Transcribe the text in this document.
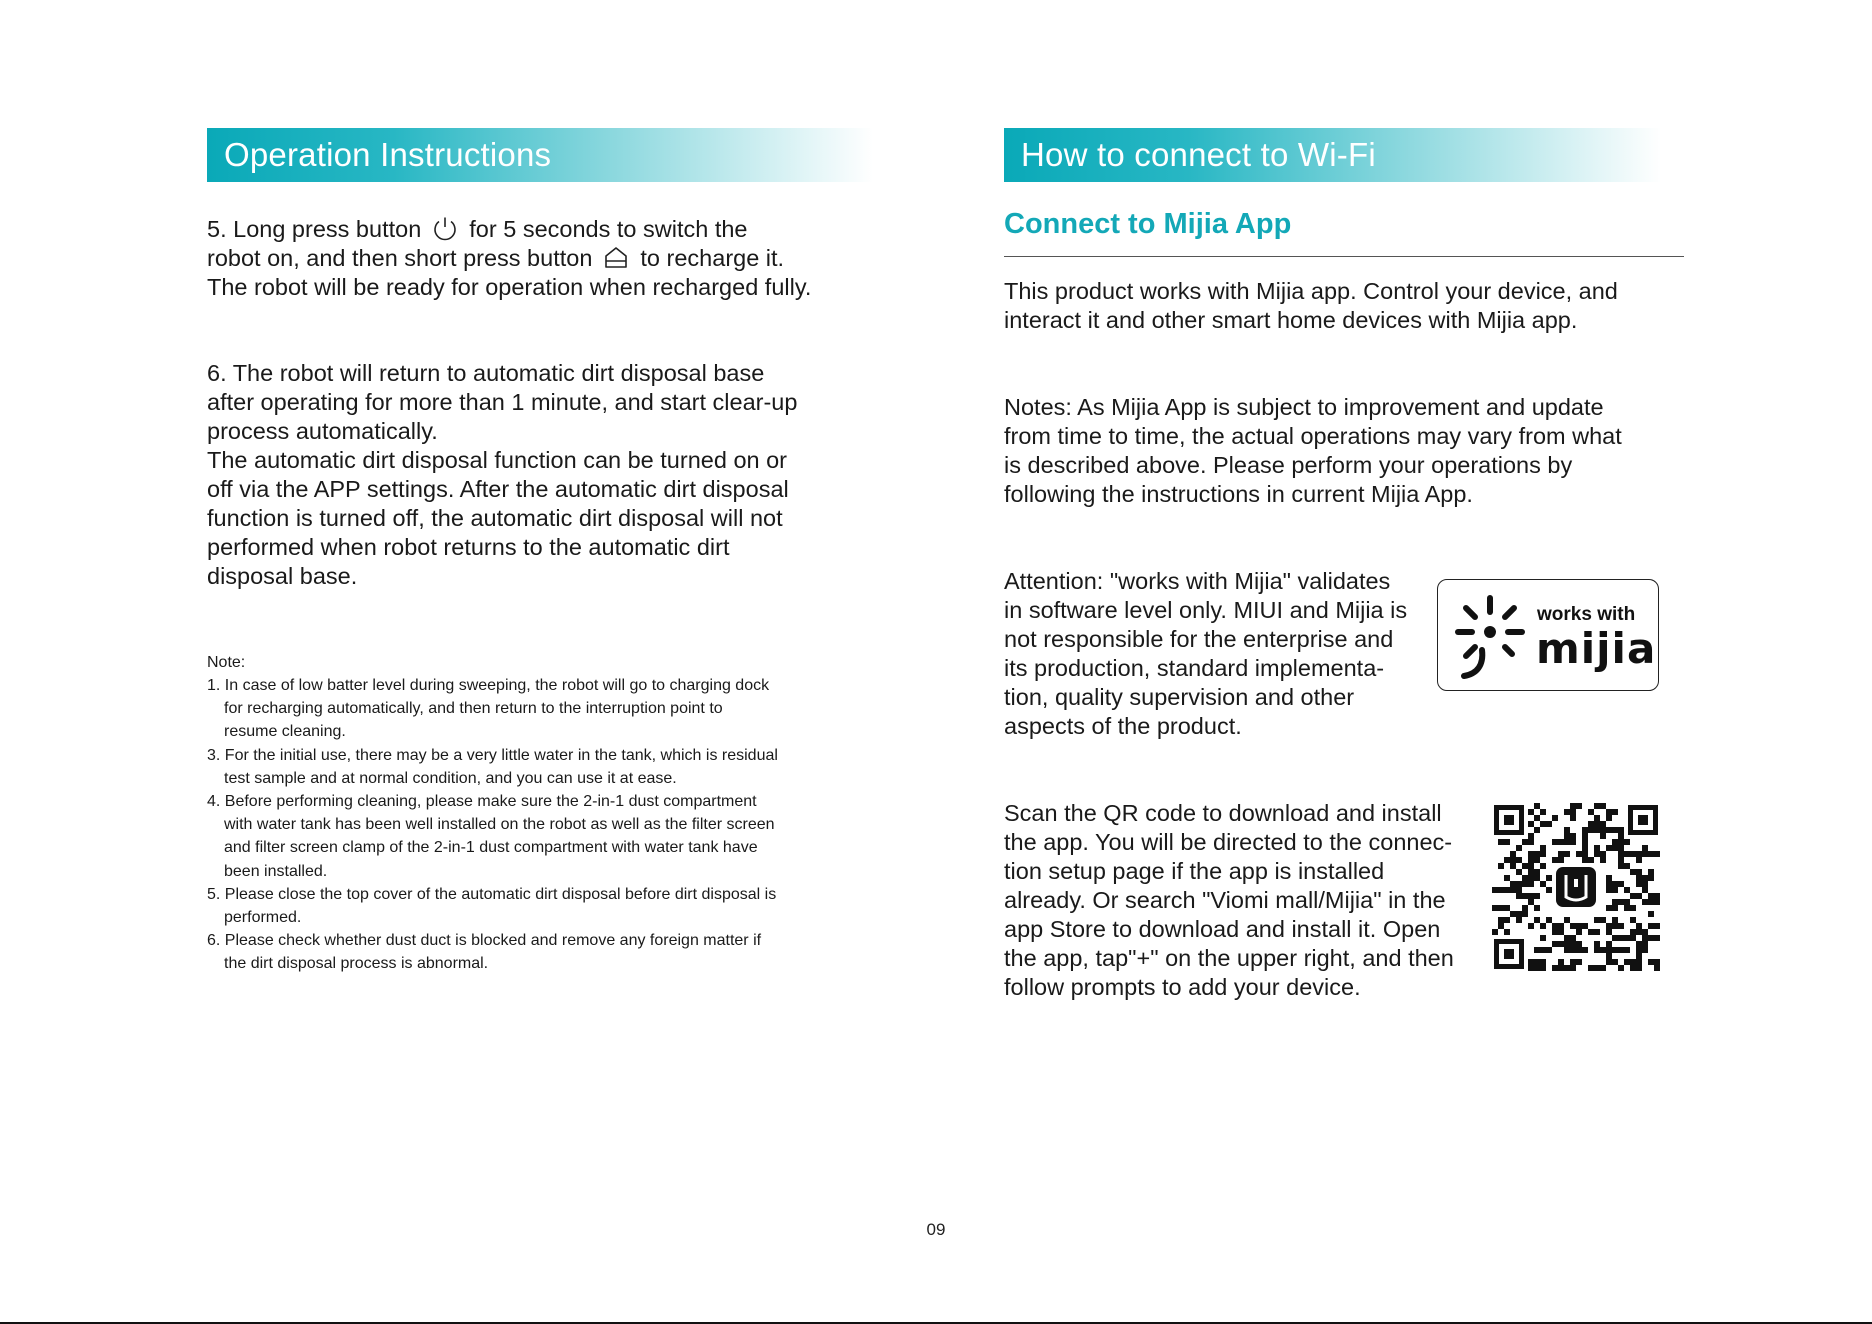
Operation Instructions

5. Long press button for 5 seconds to switch the
robot on, and then short press button to recharge it.
The robot will be ready for operation when recharged fully.

6. The robot will return to automatic dirt disposal base
after operating for more than 1 minute, and start clear-up
process automatically.
The automatic dirt disposal function can be turned on or
off via the APP settings. After the automatic dirt disposal
function is turned off, the automatic dirt disposal will not
performed when robot returns to the automatic dirt
disposal base.

Note:
1. In case of low batter level during sweeping, the robot will go to charging dock
for recharging automatically, and then return to the interruption point to
resume cleaning.
3. For the initial use, there may be a very little water in the tank, which is residual
test sample and at normal condition, and you can use it at ease.
4. Before performing cleaning, please make sure the 2-in-1 dust compartment
with water tank has been well installed on the robot as well as the filter screen
and filter screen clamp of the 2-in-1 dust compartment with water tank have
been installed.
5. Please close the top cover of the automatic dirt disposal before dirt disposal is
performed.
6. Please check whether dust duct is blocked and remove any foreign matter if
the dirt disposal process is abnormal.
How to connect to Wi-Fi
Connect to Mijia App

This product works with Mijia app. Control your device, and
interact it and other smart home devices with Mijia app.

Notes: As Mijia App is subject to improvement and update
from time to time, the actual operations may vary from what
is described above. Please perform your operations by
following the instructions in current Mijia App.

Attention: "works with Mijia" validates
in software level only. MIUI and Mijia is
not responsible for the enterprise and
its production, standard implementa-
tion, quality supervision and other
aspects of the product.

Scan the QR code to download and install
the app. You will be directed to the connec-
tion setup page if the app is installed
already. Or search "Viomi mall/Mijia" in the
app Store to download and install it. Open
the app, tap"+" on the upper right, and then
follow prompts to add your device.

works with
mijia
09
